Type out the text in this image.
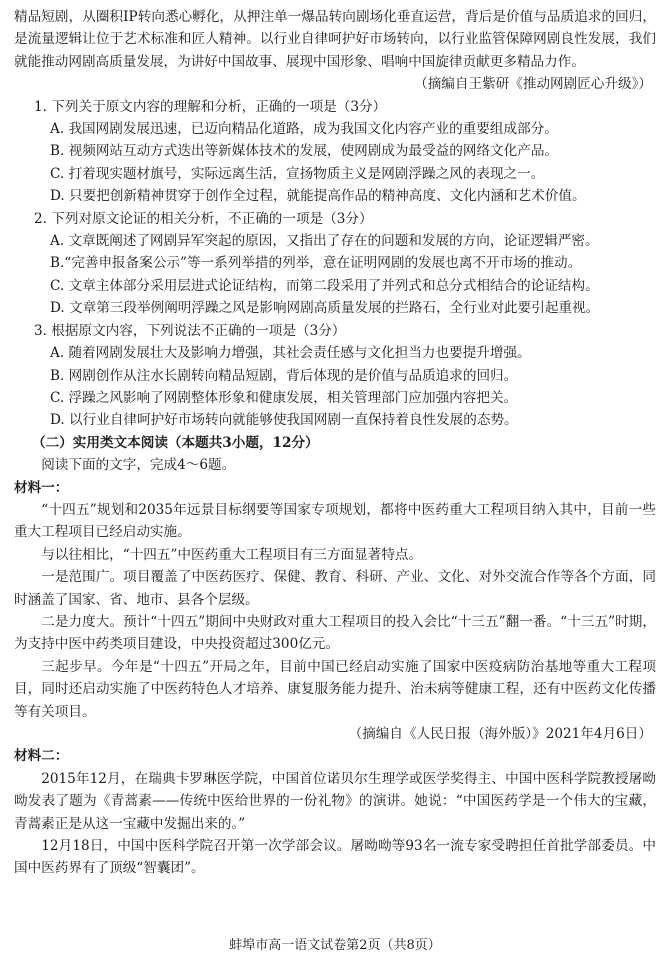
精品短剧，从圈积IP转向悉心孵化，从押注单一爆品转向剧场化垂直运营，背后是价值与品质追求的回归，是流量逻辑让位于艺术标准和匠人精神。以行业自律呵护好市场转向，以行业监管保障网剧良性发展，我们就能推动网剧高质量发展，为讲好中国故事、展现中国形象、唱响中国旋律贡献更多精品力作。

（摘编自王紫研《推动网剧匠心升级》）

1. 下列关于原文内容的理解和分析，正确的一项是（3分）

A. 我国网剧发展迅速，已迈向精品化道路，成为我国文化内容产业的重要组成部分。

B. 视频网站互动方式迭出等新媒体技术的发展，使网剧成为最受益的网络文化产品。

C. 打着现实题材旗号，实际远离生活，宣扬物质主义是网剧浮躁之风的表现之一。

D. 只要把创新精神贯穿于创作全过程，就能提高作品的精神高度、文化内涵和艺术价值。

2. 下列对原文论证的相关分析，不正确的一项是（3分）

A. 文章既阐述了网剧异军突起的原因，又指出了存在的问题和发展的方向，论证逻辑严密。

B.“完善申报备案公示”等一系列举措的列举，意在证明网剧的发展也离不开市场的推动。

C. 文章主体部分采用层进式论证结构，而第二段采用了并列式和总分式相结合的论证结构。

D. 文章第三段举例阐明浮躁之风是影响网剧高质量发展的拦路石，全行业对此要引起重视。

3. 根据原文内容，下列说法不正确的一项是（3分）

A. 随着网剧发展壮大及影响力增强，其社会责任感与文化担当力也要提升增强。

B. 网剧创作从注水长剧转向精品短剧，背后体现的是价值与品质追求的回归。

C. 浮躁之风影响了网剧整体形象和健康发展，相关管理部门应加强内容把关。

D. 以行业自律呵护好市场转向就能够使我国网剧一直保持着良性发展的态势。

（二）实用类文本阅读（本题共3小题，12分）

阅读下面的文字，完成4～6题。

材料一：

“十四五”规划和2035年远景目标纲要等国家专项规划，都将中医药重大工程项目纳入其中，目前一些重大工程项目已经启动实施。

与以往相比，“十四五”中医药重大工程项目有三方面显著特点。

一是范围广。项目覆盖了中医药医疗、保健、教育、科研、产业、文化、对外交流合作等各个方面，同时涵盖了国家、省、地市、县各个层级。

二是力度大。预计“十四五”期间中央财政对重大工程项目的投入会比“十三五”翻一番。“十三五”时期，为支持中医中药类项目建设，中央投资超过300亿元。

三起步早。今年是“十四五”开局之年，目前中国已经启动实施了国家中医疫病防治基地等重大工程项目，同时还启动实施了中医药特色人才培养、康复服务能力提升、治未病等健康工程，还有中医药文化传播等有关项目。

（摘编自《人民日报（海外版）》2021年4月6日）

材料二：

2015年12月，在瑞典卡罗琳医学院，中国首位诺贝尔生理学或医学奖得主、中国中医科学院教授屠呦呦发表了题为《青蒿素——传统中医给世界的一份礼物》的演讲。她说：“中国医药学是一个伟大的宝藏，青蒿素正是从这一宝藏中发掘出来的。”

12月18日，中国中医科学院召开第一次学部会议。屠呦呦等93名一流专家受聘担任首批学部委员。中国中医药界有了顶级“智囊团”。

蚌埠市高一语文试卷第2页（共8页）
